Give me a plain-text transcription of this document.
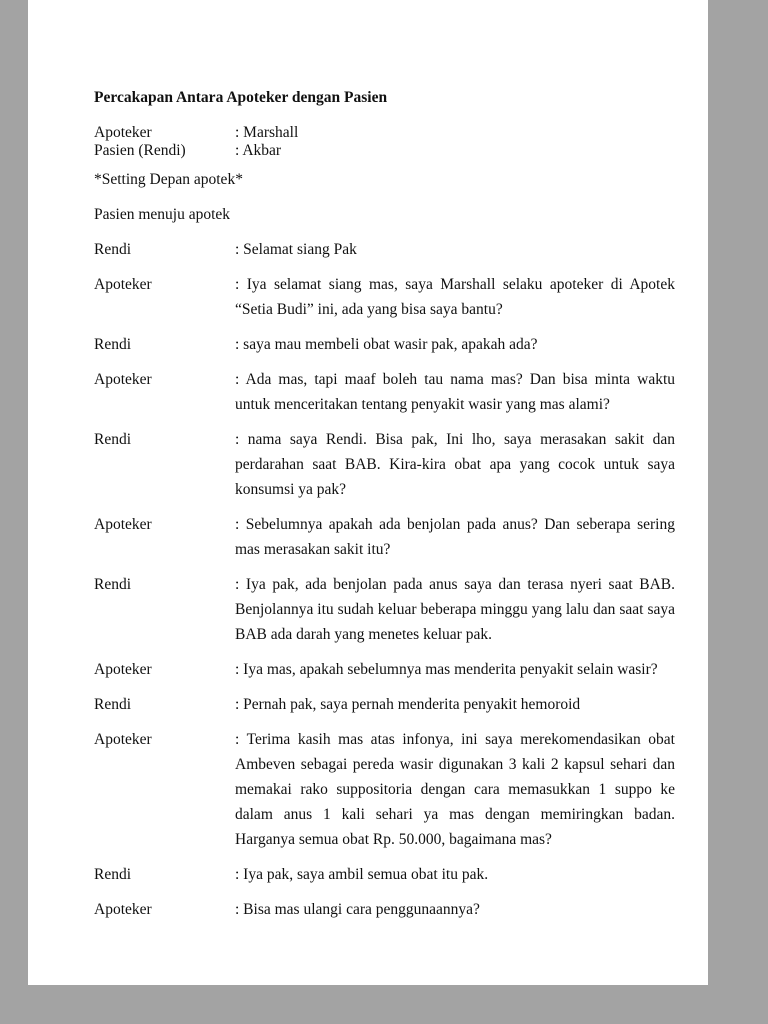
Percakapan Antara Apoteker dengan Pasien
Apoteker	: Marshall
Pasien (Rendi)	: Akbar

*Setting Depan apotek*

Pasien menuju apotek

Rendi	: Selamat siang Pak
Apoteker	: Iya selamat siang mas, saya Marshall selaku apoteker di Apotek “Setia Budi” ini, ada yang bisa saya bantu?
Rendi	: saya mau membeli obat wasir pak, apakah ada?
Apoteker	: Ada mas, tapi maaf boleh tau nama mas? Dan bisa minta waktu untuk menceritakan tentang penyakit wasir yang mas alami?
Rendi	: nama saya Rendi. Bisa pak, Ini lho, saya merasakan sakit dan perdarahan saat BAB. Kira-kira obat apa yang cocok untuk saya konsumsi ya pak?
Apoteker	: Sebelumnya apakah ada benjolan pada anus? Dan seberapa sering mas merasakan sakit itu?
Rendi	: Iya pak, ada benjolan pada anus saya dan terasa nyeri saat BAB. Benjolannya itu sudah keluar beberapa minggu yang lalu dan saat saya BAB ada darah yang menetes keluar pak.
Apoteker	: Iya mas, apakah sebelumnya mas menderita penyakit selain wasir?
Rendi	: Pernah pak, saya pernah menderita penyakit hemoroid
Apoteker	: Terima kasih mas atas infonya, ini saya merekomendasikan obat Ambeven sebagai pereda wasir digunakan 3 kali 2 kapsul sehari dan memakai rako suppositoria dengan cara memasukkan 1 suppo ke dalam anus 1 kali sehari ya mas dengan memiringkan badan. Harganya semua obat Rp. 50.000, bagaimana mas?
Rendi	: Iya pak, saya ambil semua obat itu pak.
Apoteker	: Bisa mas ulangi cara penggunaannya?
